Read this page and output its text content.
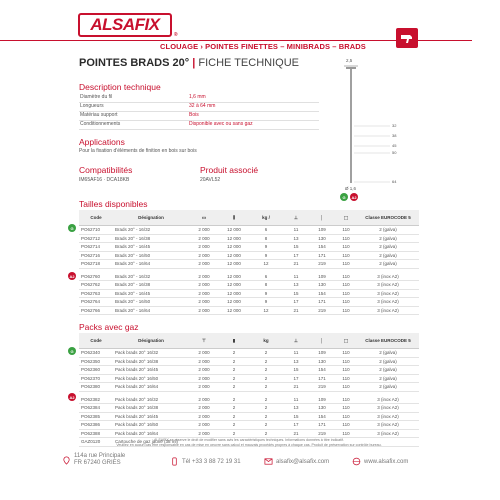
ALSAFIX
®
CLOUAGE › POINTES FINETTES – MINIBRADS – BRADS
POINTES BRADS 20° | FICHE TECHNIQUE
Description technique
Diamètre du fil	1,6 mm
Longueurs	32 à 64 mm
Matériau support	Bois
Conditionnements	Disponible avec ou sans gaz
Applications
Pour la fixation d'éléments de finition en bois sur bois
Compatibilités
IM65AF16 · DCA18KB
Produit associé
20AVL52
2,5
32
38
45
50
64
Ø 1,6
G	A2
Tailles disponibles
Code	Désignation	▭	⫼	kg /	⊥	│	⬚	Classe EUROCODE 5
PO62710	Brads 20° - 16/32	2 000	12 000	6	11	109	110	2 (galva)
PO62712	Brads 20° - 16/38	2 000	12 000	8	13	130	110	2 (galva)
PO62714	Brads 20° - 16/45	2 000	12 000	9	15	154	110	2 (galva)
PO62716	Brads 20° - 16/50	2 000	12 000	9	17	171	110	2 (galva)
PO62718	Brads 20° - 16/64	2 000	12 000	12	21	219	110	2 (galva)

PO62760	Brads 20° - 16/32	2 000	12 000	6	11	109	110	3 (inox A2)
PO62762	Brads 20° - 16/38	2 000	12 000	8	13	130	110	3 (inox A2)
PO62763	Brads 20° - 16/45	2 000	12 000	9	15	154	110	3 (inox A2)
PO62764	Brads 20° - 16/50	2 000	12 000	9	17	171	110	3 (inox A2)
PO62766	Brads 20° - 16/64	2 000	12 000	12	21	219	110	3 (inox A2)
G
A2
Packs avec gaz
Code	Désignation	⊤	▮	kg	⊥	│	⬚	Classe EUROCODE 5
PO62340	Pack brads 20° 16/32	2 000	2	2	11	109	110	2 (galva)
PO62350	Pack brads 20° 16/38	2 000	2	2	13	130	110	2 (galva)
PO62360	Pack brads 20° 16/45	2 000	2	2	15	154	110	2 (galva)
PO62370	Pack brads 20° 16/50	2 000	2	2	17	171	110	2 (galva)
PO62380	Pack brads 20° 16/64	2 000	2	2	21	219	110	2 (galva)

PO62382	Pack brads 20° 16/32	2 000	2	2	11	109	110	3 (inox A2)
PO62384	Pack brads 20° 16/38	2 000	2	2	13	130	110	3 (inox A2)
PO62385	Pack brads 20° 16/45	2 000	2	2	15	154	110	3 (inox A2)
PO62386	Pack brads 20° 16/50	2 000	2	2	17	171	110	3 (inox A2)
PO62388	Pack brads 20° 16/64	2 000	2	2	21	219	110	3 (inox A2)
GAZ0120	Cartouche de gaz jaune (38 ml)							
G
A2
ALSAFIX se réserve le droit de modifier sans avis les caractéristiques techniques. Informations données à titre indicatif.
Veuillez en aucun cas être responsable en cas de mise en oeuvre sans calcul et mauvais procédés propres à chaque cas. Produit de préservation sur contrôle bureau.
114a rue Principale
FR 67240 GRIES	Tél +33 3 88 72 19 31	alsafix@alsafix.com	www.alsafix.com
